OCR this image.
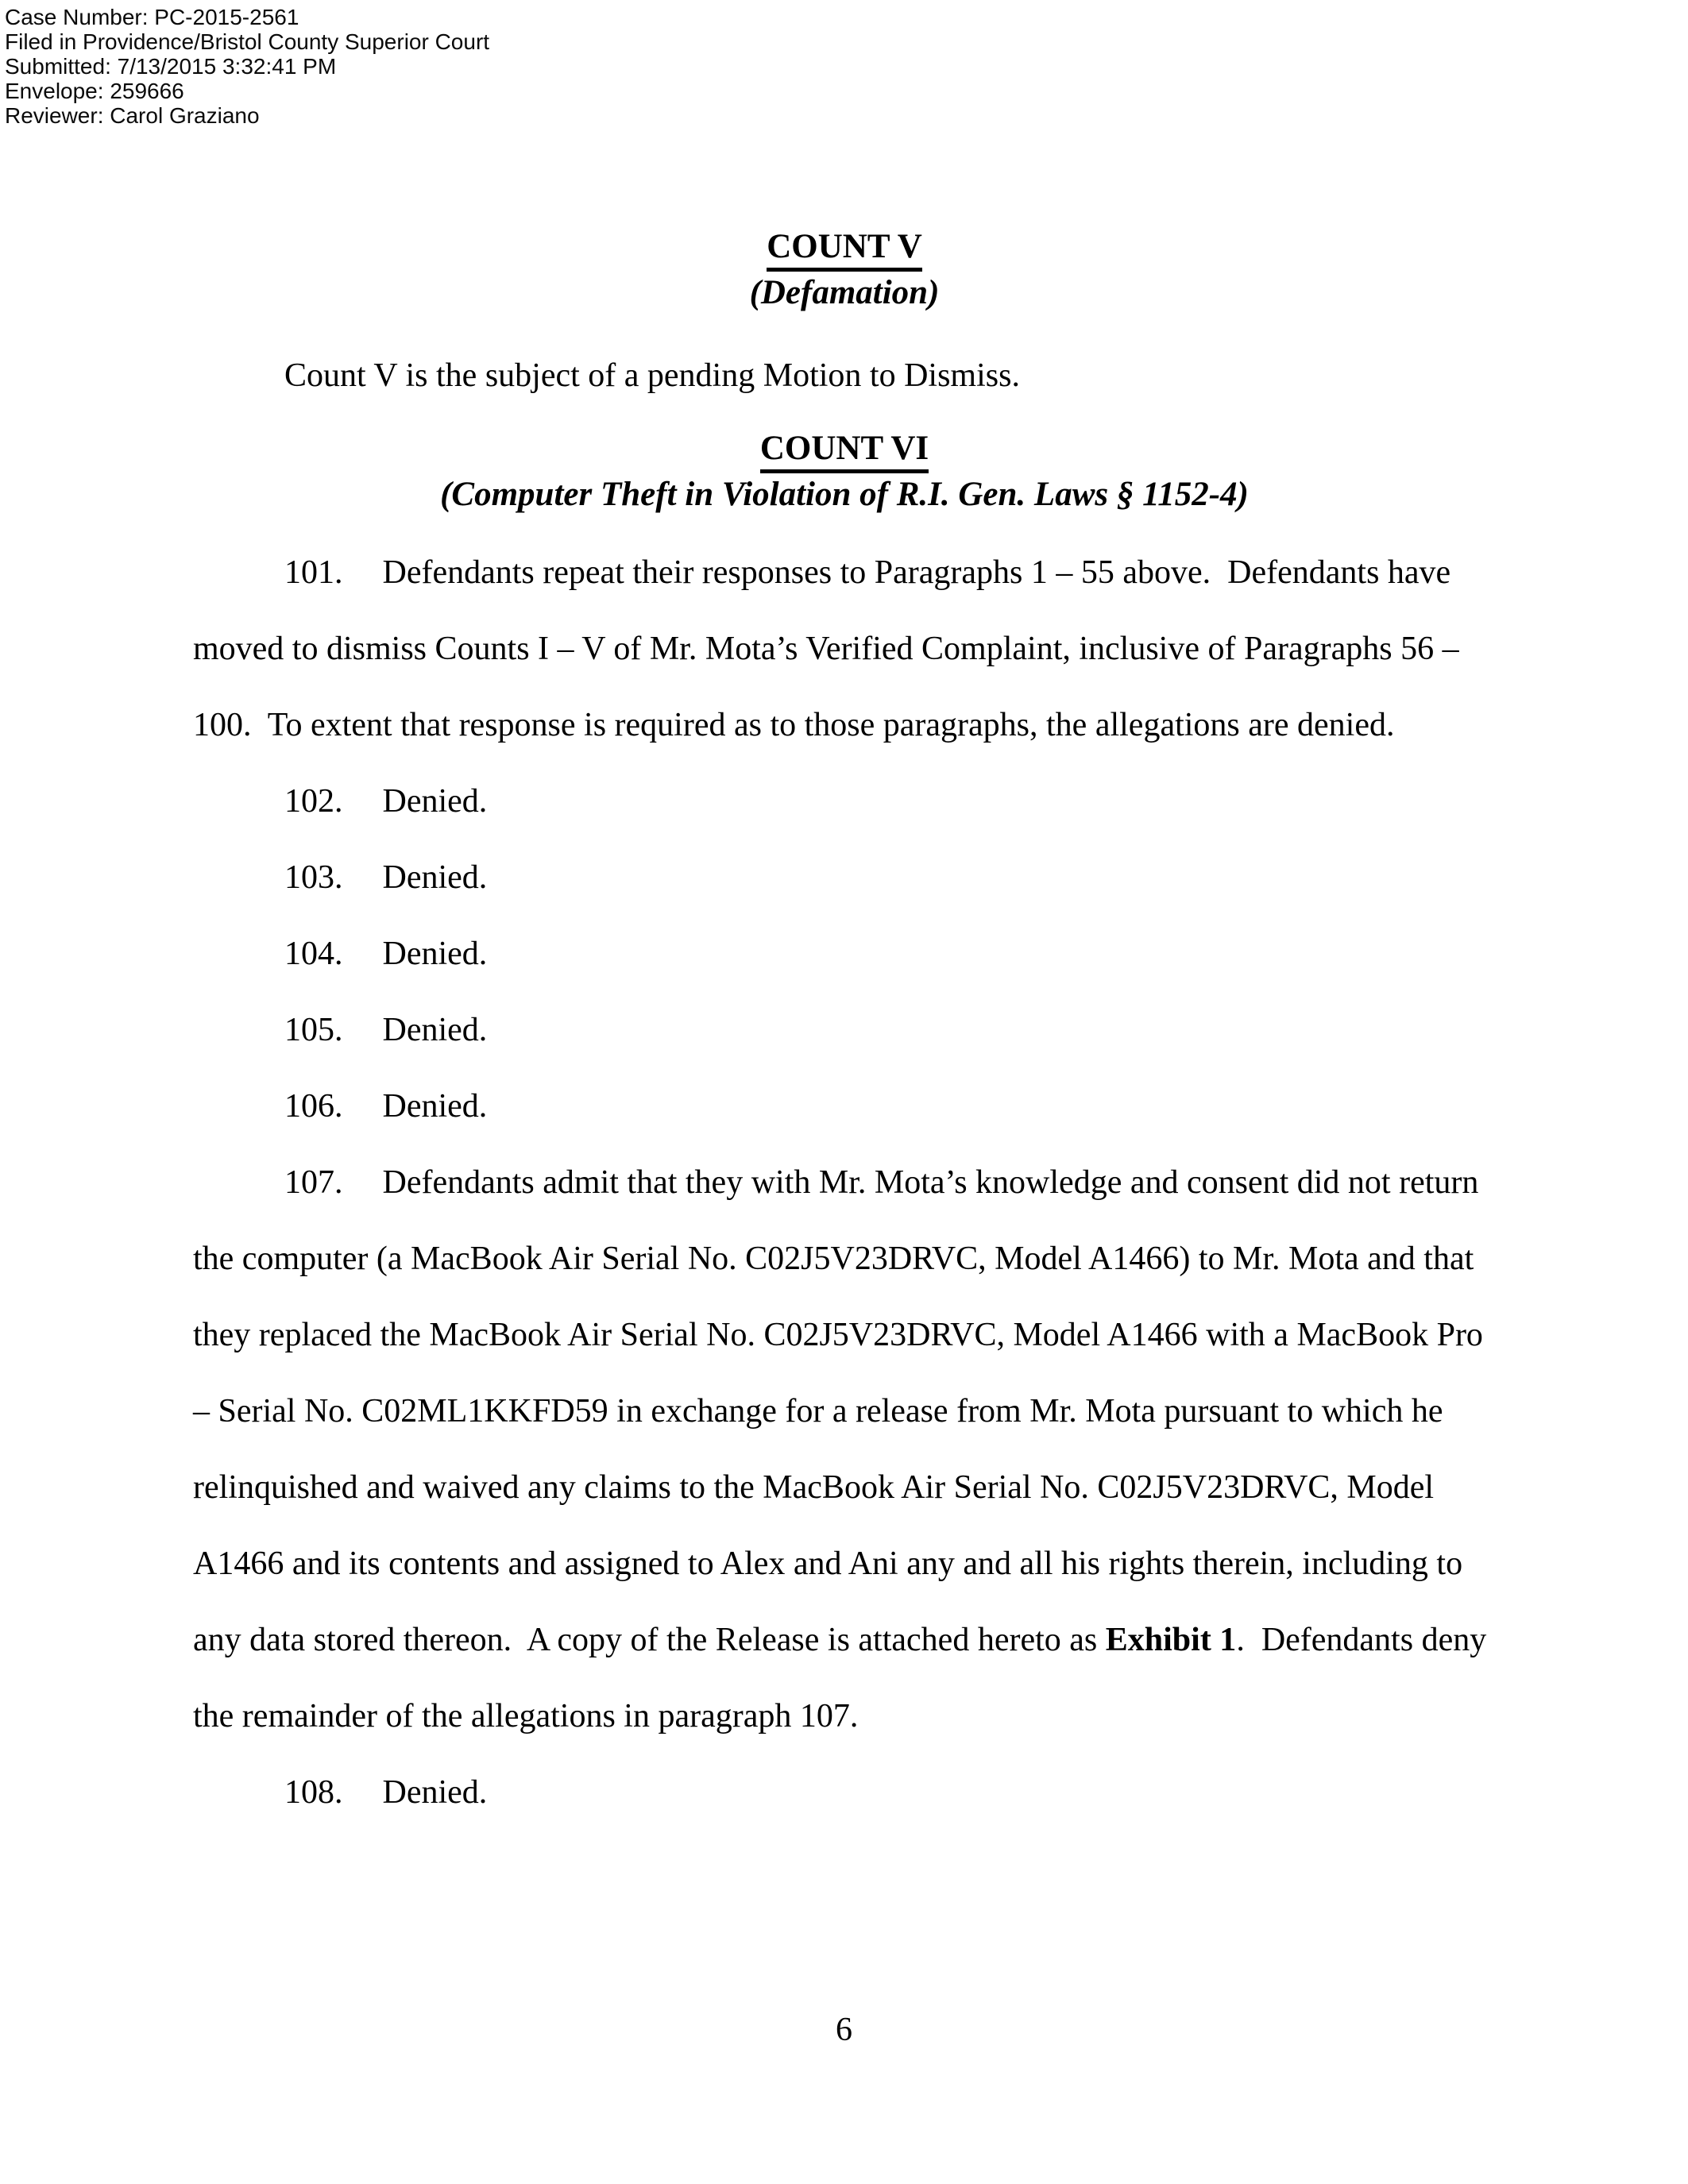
Case Number: PC-2015-2561
Filed in Providence/Bristol County Superior Court
Submitted: 7/13/2015 3:32:41 PM
Envelope: 259666
Reviewer: Carol Graziano
COUNT V
(Defamation)

Count V is the subject of a pending Motion to Dismiss.

COUNT VI
(Computer Theft in Violation of R.I. Gen. Laws § 1152-4)

101. Defendants repeat their responses to Paragraphs 1 – 55 above.  Defendants have moved to dismiss Counts I – V of Mr. Mota’s Verified Complaint, inclusive of Paragraphs 56 – 100.  To extent that response is required as to those paragraphs, the allegations are denied.

102. Denied.

103. Denied.

104. Denied.

105. Denied.

106. Denied.

107. Defendants admit that they with Mr. Mota’s knowledge and consent did not return the computer (a MacBook Air Serial No. C02J5V23DRVC, Model A1466) to Mr. Mota and that they replaced the MacBook Air Serial No. C02J5V23DRVC, Model A1466 with a MacBook Pro – Serial No. C02ML1KKFD59 in exchange for a release from Mr. Mota pursuant to which he relinquished and waived any claims to the MacBook Air Serial No. C02J5V23DRVC, Model A1466 and its contents and assigned to Alex and Ani any and all his rights therein, including to any data stored thereon.  A copy of the Release is attached hereto as Exhibit 1.  Defendants deny the remainder of the allegations in paragraph 107.

108. Denied.

6
